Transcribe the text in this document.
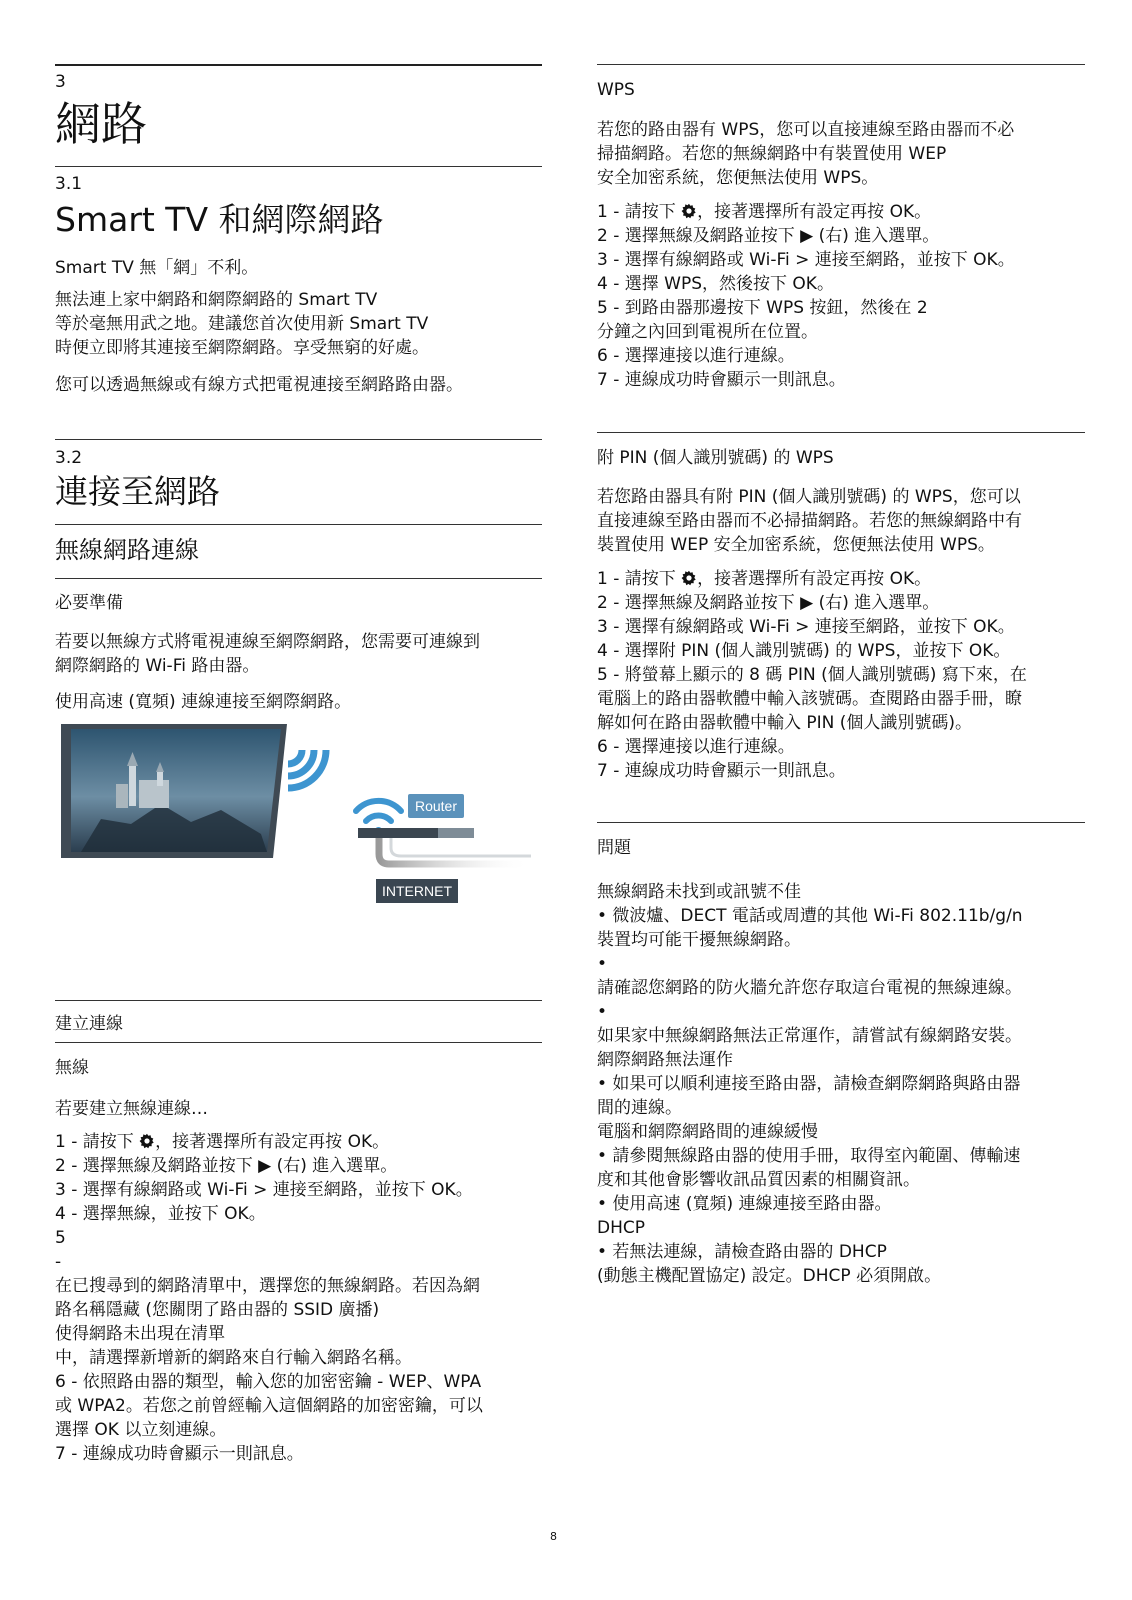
3

網路

3.1

Smart TV 和網際網路

Smart TV 無「網」不利。

無法連上家中網路和網際網路的 Smart TV

等於毫無用武之地。建議您首次使用新 Smart TV

時便立即將其連接至網際網路。享受無窮的好處。

您可以透過無線或有線方式把電視連接至網路路由器。

3.2

連接至網路
無線網路連線

必要準備

若要以無線方式將電視連線至網際網路，您需要可連線到

網際網路的 Wi-Fi 路由器。

使用高速 (寬頻) 連線連接至網際網路。

Router
INTERNET

建立連線

無線

若要建立無線連線…

1 - 請按下 ，接著選擇所有設定再按 OK。

2 - 選擇無線及網路並按下 ▶ (右) 進入選單。

3 - 選擇有線網路或 Wi-Fi > 連接至網路，並按下 OK。

4 - 選擇無線，並按下 OK。

5

-

在已搜尋到的網路清單中，選擇您的無線網路。若因為網

路名稱隱藏 (您關閉了路由器的 SSID 廣播)

使得網路未出現在清單

中，請選擇新增新的網路來自行輸入網路名稱。

6 - 依照路由器的類型，輸入您的加密密鑰 - WEP、WPA

或 WPA2。若您之前曾經輸入這個網路的加密密鑰，可以

選擇 OK 以立刻連線。

7 - 連線成功時會顯示一則訊息。

WPS

若您的路由器有 WPS，您可以直接連線至路由器而不必

掃描網路。若您的無線網路中有裝置使用 WEP

安全加密系統，您便無法使用 WPS。

1 - 請按下 ，接著選擇所有設定再按 OK。

2 - 選擇無線及網路並按下 ▶ (右) 進入選單。

3 - 選擇有線網路或 Wi-Fi > 連接至網路，並按下 OK。

4 - 選擇 WPS，然後按下 OK。

5 - 到路由器那邊按下 WPS 按鈕，然後在 2

分鐘之內回到電視所在位置。

6 - 選擇連接以進行連線。

7 - 連線成功時會顯示一則訊息。

附 PIN (個人識別號碼) 的 WPS

若您路由器具有附 PIN (個人識別號碼) 的 WPS，您可以

直接連線至路由器而不必掃描網路。若您的無線網路中有

裝置使用 WEP 安全加密系統，您便無法使用 WPS。

1 - 請按下 ，接著選擇所有設定再按 OK。

2 - 選擇無線及網路並按下 ▶ (右) 進入選單。

3 - 選擇有線網路或 Wi-Fi > 連接至網路，並按下 OK。

4 - 選擇附 PIN (個人識別號碼) 的 WPS，並按下 OK。

5 - 將螢幕上顯示的 8 碼 PIN (個人識別號碼) 寫下來，在

電腦上的路由器軟體中輸入該號碼。查閱路由器手冊，瞭

解如何在路由器軟體中輸入 PIN (個人識別號碼)。

6 - 選擇連接以進行連線。

7 - 連線成功時會顯示一則訊息。

問題

無線網路未找到或訊號不佳

• 微波爐、DECT 電話或周遭的其他 Wi-Fi 802.11b/g/n

裝置均可能干擾無線網路。

•

請確認您網路的防火牆允許您存取這台電視的無線連線。

•

如果家中無線網路無法正常運作，請嘗試有線網路安裝。

網際網路無法運作

• 如果可以順利連接至路由器，請檢查網際網路與路由器

間的連線。

電腦和網際網路間的連線緩慢

• 請參閱無線路由器的使用手冊，取得室內範圍、傳輸速

度和其他會影響收訊品質因素的相關資訊。

• 使用高速 (寬頻) 連線連接至路由器。

DHCP

• 若無法連線，請檢查路由器的 DHCP

(動態主機配置協定) 設定。DHCP 必須開啟。

8
